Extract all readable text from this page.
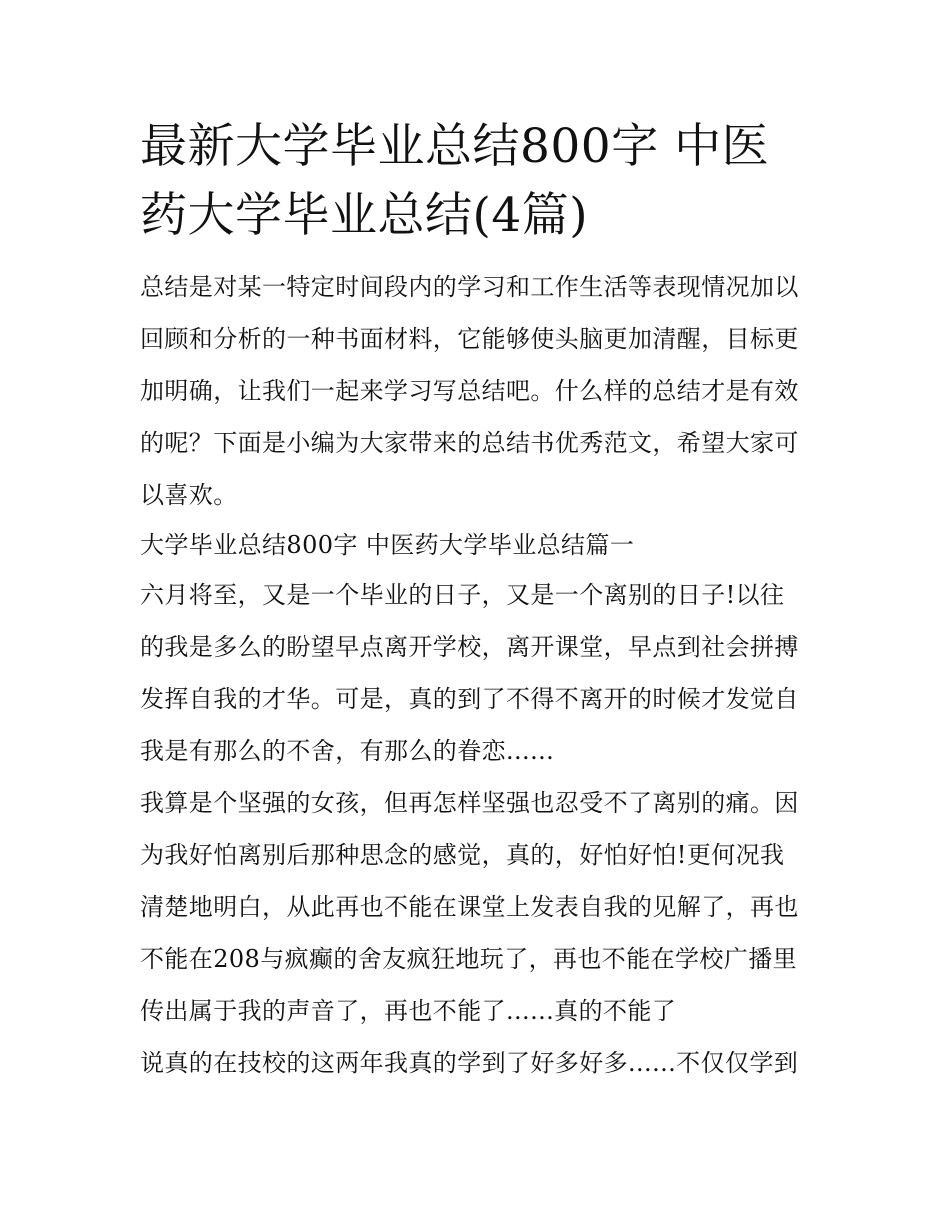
最新大学毕业总结800字 中医
药大学毕业总结(4篇)
总结是对某一特定时间段内的学习和工作生活等表现情况加以
回顾和分析的一种书面材料，它能够使头脑更加清醒，目标更
加明确，让我们一起来学习写总结吧。什么样的总结才是有效
的呢？下面是小编为大家带来的总结书优秀范文，希望大家可
以喜欢。
大学毕业总结800字 中医药大学毕业总结篇一
六月将至，又是一个毕业的日子，又是一个离别的日子!以往
的我是多么的盼望早点离开学校，离开课堂，早点到社会拼搏
发挥自我的才华。可是，真的到了不得不离开的时候才发觉自
我是有那么的不舍，有那么的眷恋......
我算是个坚强的女孩，但再怎样坚强也忍受不了离别的痛。因
为我好怕离别后那种思念的感觉，真的，好怕好怕!更何况我
清楚地明白，从此再也不能在课堂上发表自我的见解了，再也
不能在208与疯癫的舍友疯狂地玩了，再也不能在学校广播里
传出属于我的声音了，再也不能了......真的不能了
说真的在技校的这两年我真的学到了好多好多......不仅仅学到
